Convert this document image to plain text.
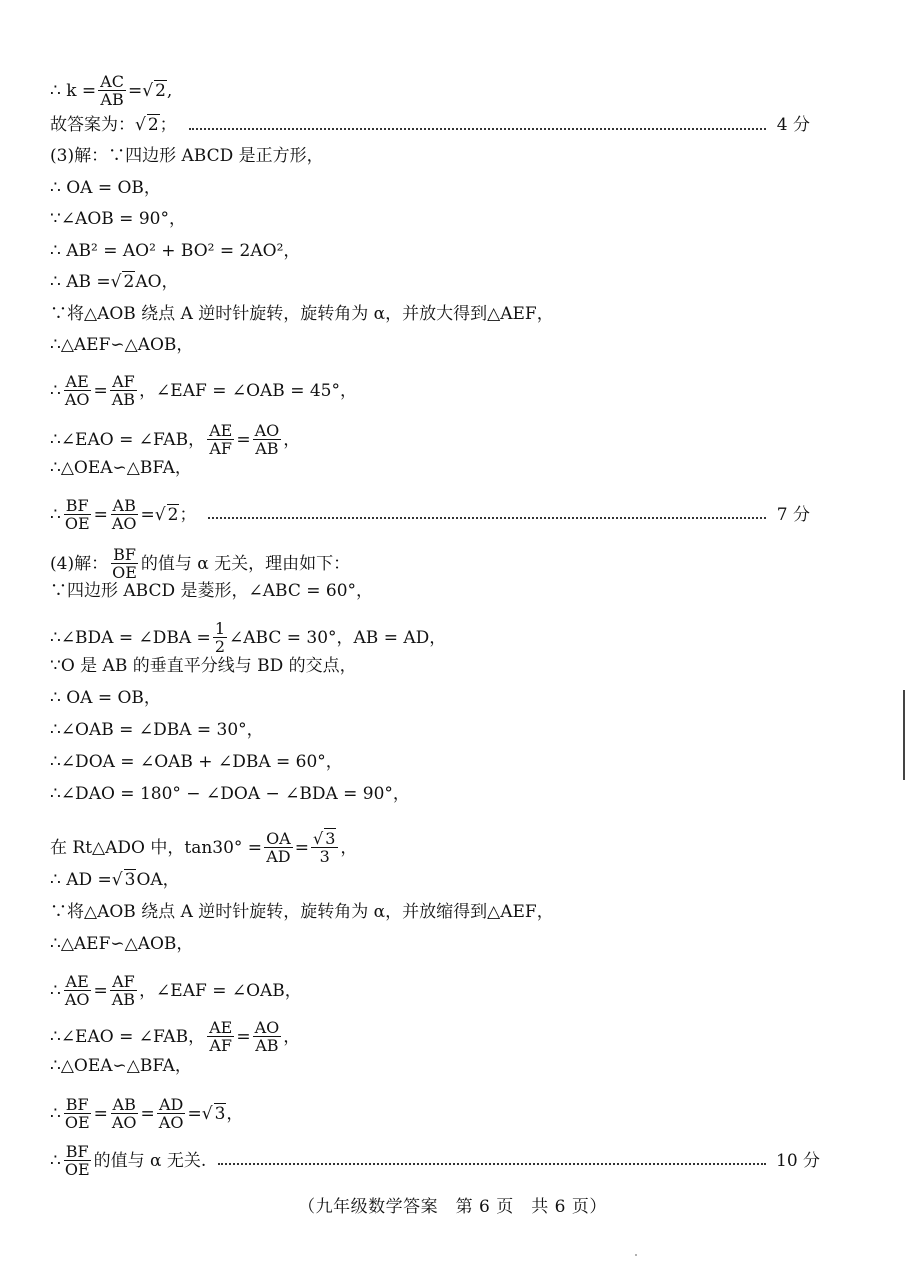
∴ $k = \frac{AC}{AB}$ = √ 2 ,
故答案为： √ 2 ；	4 分
(3)解：∵四边形 ABCD 是正方形，
∴ OA = OB，
∵∠AOB = 90°，
∴ AB² = AO² + BO² = 2AO²，
∴ AB = √ 2 AO，
∵将△AOB 绕点 A 逆时针旋转，旋转角为 α，并放大得到△AEF，
∴△AEF∽△AOB，
∴ $\frac{AE}{AO} = \frac{AF}{AB}$ ，∠EAF = ∠OAB = 45°，
∴∠EAO = ∠FAB， $\frac{AE}{AF} = \frac{AO}{AB}$ ，
∴△OEA∽△BFA，
∴ $\frac{BF}{OE} = \frac{AB}{AO}$ = √ 2 ；	7 分
(4)解： $\frac{BF}{OE}$ 的值与 α 无关，理由如下：
∵四边形 ABCD 是菱形，∠ABC = 60°，
∴∠BDA = ∠DBA = $\frac{1}{2}$ ∠ABC = 30°，AB = AD，
∵O 是 AB 的垂直平分线与 BD 的交点，
∴ OA = OB，
∴∠OAB = ∠DBA = 30°，
∴∠DOA = ∠OAB + ∠DBA = 60°，
∴∠DAO = 180° − ∠DOA − ∠BDA = 90°，
在 Rt△ADO 中，$\tan 30^\circ = \frac{OA}{AD} = \frac{√ 3}{3}$ ，
∴ AD = √ 3 OA，
∵将△AOB 绕点 A 逆时针旋转，旋转角为 α，并放缩得到△AEF，
∴△AEF∽△AOB，
∴ $\frac{AE}{AO} = \frac{AF}{AB}$ ，∠EAF = ∠OAB，
∴∠EAO = ∠FAB， $\frac{AE}{AF} = \frac{AO}{AB}$ ，
∴△OEA∽△BFA，
∴ $\frac{BF}{OE} = \frac{AB}{AO} = \frac{AD}{AO}$ = √ 3 ，
∴ $\frac{BF}{OE}$ 的值与 α 无关.	10 分
（九年级数学答案　第 6 页　共 6 页）
